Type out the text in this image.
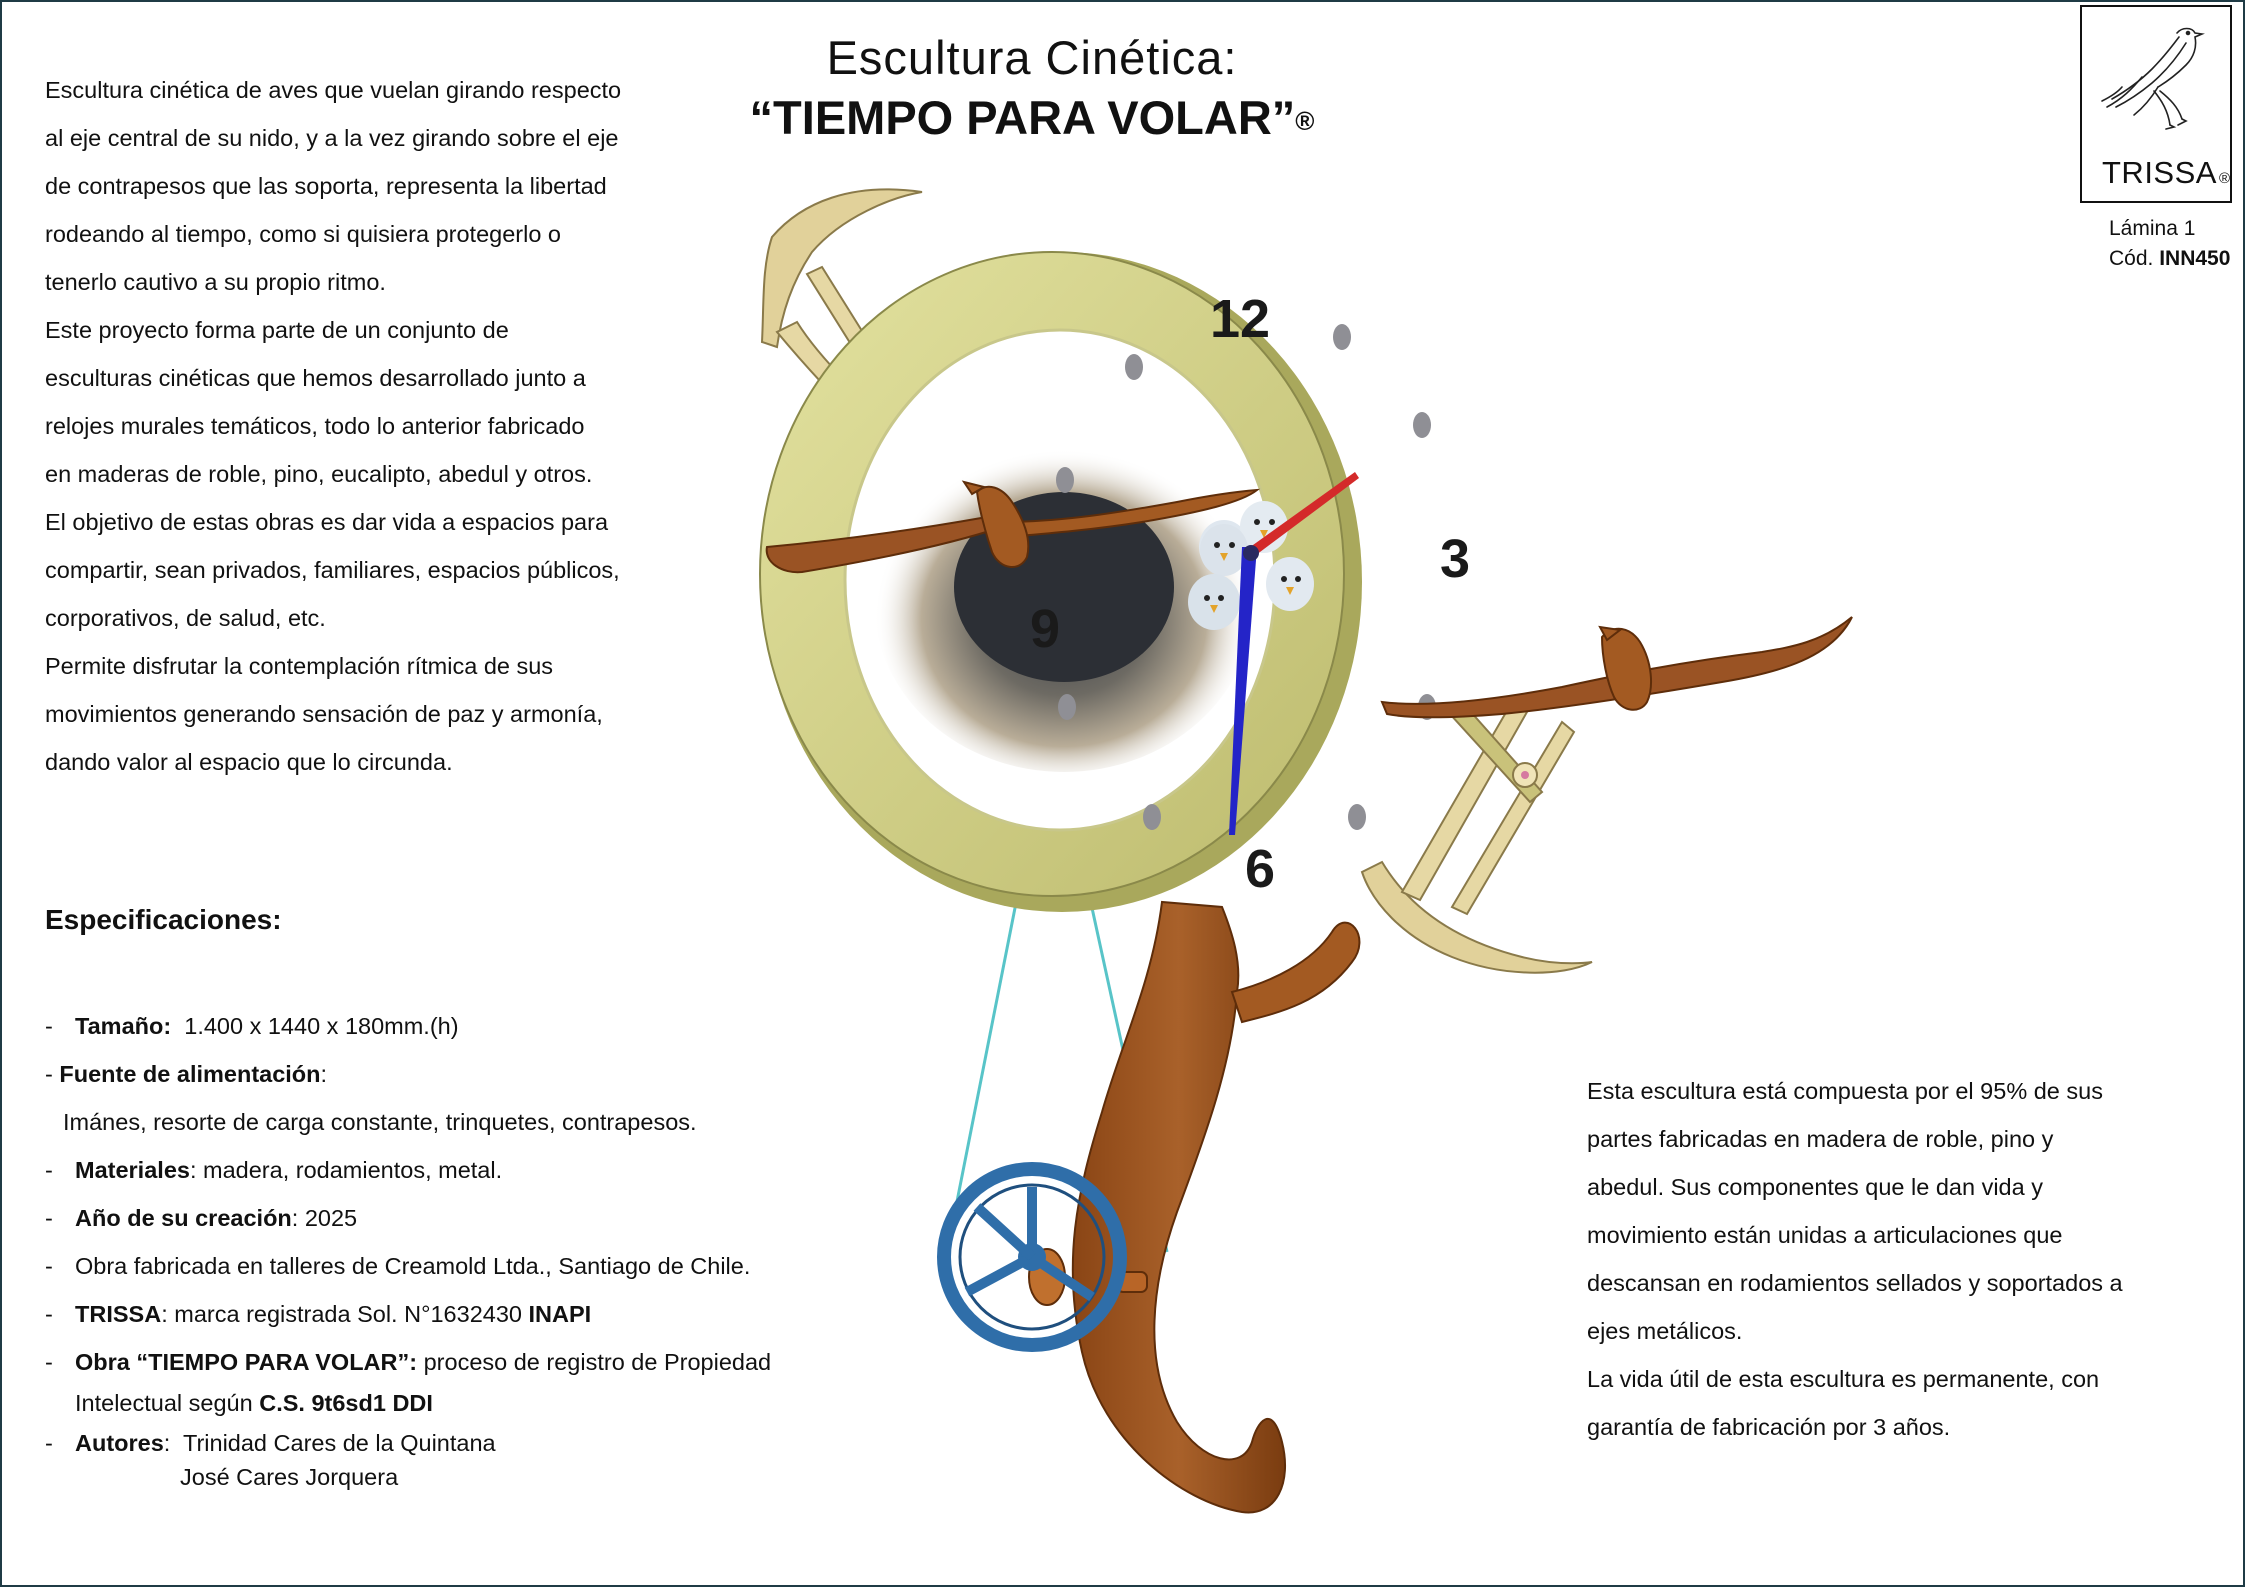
12
3
6
9
Escultura Cinética:
“TIEMPO PARA VOLAR”®
TRISSA ®
Lámina 1
Cód. INN450

Escultura cinética de aves que vuelan girando respecto

al eje central de su nido, y a la vez girando sobre el eje

de contrapesos que las soporta, representa la libertad

rodeando al tiempo, como si quisiera protegerlo o

tenerlo cautivo a su propio ritmo.

Este proyecto forma parte de un conjunto de

esculturas cinéticas que hemos desarrollado junto a

relojes murales temáticos, todo lo anterior fabricado

en maderas de roble, pino, eucalipto, abedul y otros.

El objetivo de estas obras es dar vida a espacios para

compartir, sean privados, familiares, espacios públicos,

corporativos, de salud, etc.

Permite disfrutar la contemplación rítmica de sus

movimientos generando sensación de paz y armonía,

dando valor al espacio que lo circunda.

Especificaciones:
- Tamaño:  1.400 x 1440 x 180mm.(h)
- Fuente de alimentación:
Imánes, resorte de carga constante, trinquetes, contrapesos.
- Materiales: madera, rodamientos, metal.
- Año de su creación: 2025
- Obra fabricada en talleres de Creamold Ltda., Santiago de Chile.
- TRISSA: marca registrada Sol. N°1632430 INAPI
- Obra “TIEMPO PARA VOLAR”: proceso de registro de Propiedad
Intelectual según C.S. 9t6sd1 DDI
- Autores:  Trinidad Cares de la Quintana
José Cares Jorquera

Esta escultura está compuesta por el 95% de sus

partes fabricadas en madera de roble, pino y

abedul. Sus componentes que le dan vida y

movimiento están unidas a articulaciones que

descansan en rodamientos sellados y soportados a

ejes metálicos.

La vida útil de esta escultura es permanente, con

garantía de fabricación por 3 años.
